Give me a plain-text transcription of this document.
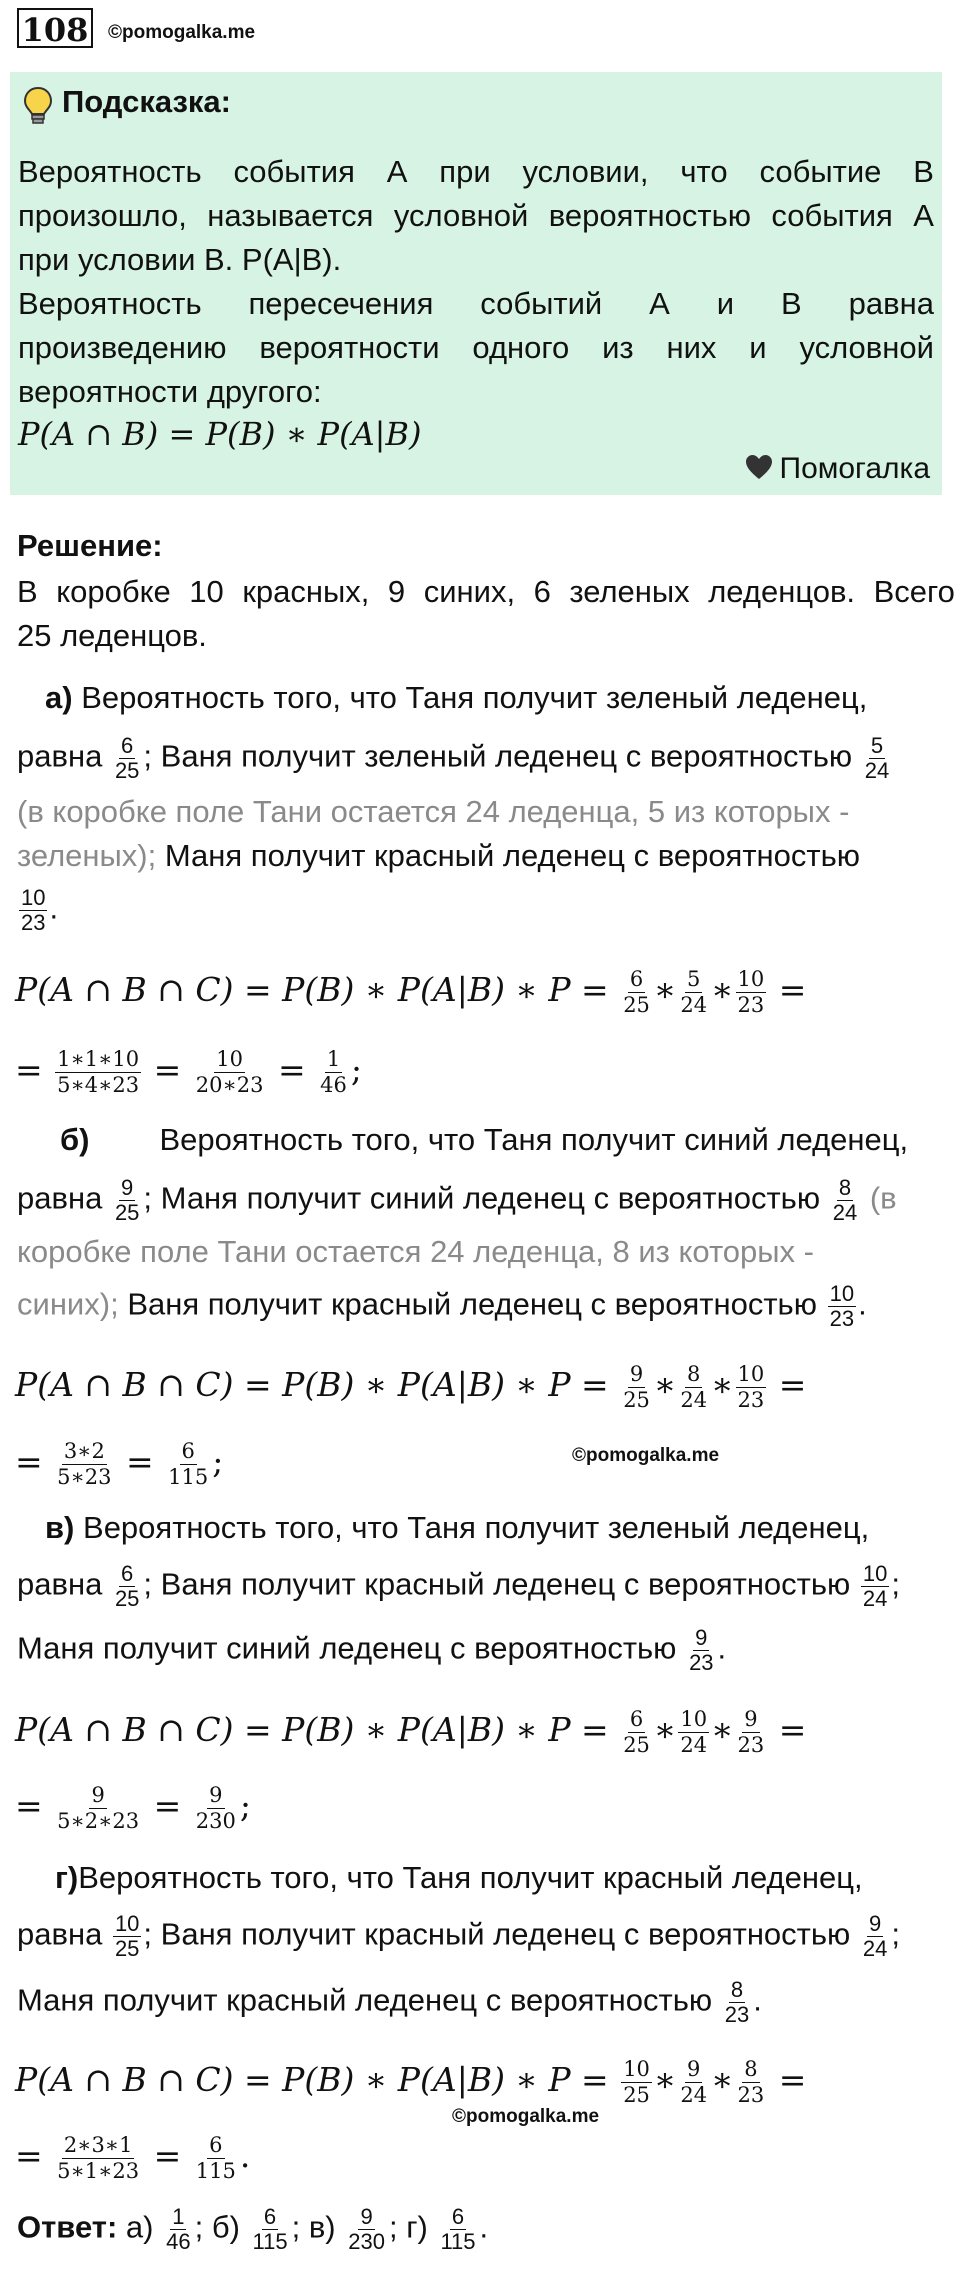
108 ©pomogalka.me
Подсказка:
Вероятность события А при условии, что событие В
произошло, называется условной вероятностью события А
при условии В. Р(А|В).
Вероятность пересечения событий А и В равна
произведению вероятности одного из них и условной
вероятности другого:
P(A ∩ B) = P(B) ∗ P(A|B)
Помогалка
Решение:
В коробке 10 красных, 9 синих, 6 зеленых леденцов. Всего
25 леденцов.
а) Вероятность того, что Таня получит зеленый леденец,
равна $\frac{6}{25}$ ; Ваня получит зеленый леденец с вероятностью $\frac{5}{24}$
(в коробке поле Тани остается 24 леденца, 5 из которых -
зеленых); Маня получит красный леденец с вероятностью
$\frac{10}{23}$ .
P(A ∩ B ∩ C) = P(B) ∗ P(A|B) ∗ $P = \frac{6}{25}$ ∗ $\frac{5}{24}$ ∗ $\frac{10}{23}$ =
= $\frac{1∗1∗10}{5∗4∗23} = \frac{10}{20∗23} = \frac{1}{46}$ ;
б) Вероятность того, что Таня получит синий леденец,
равна $\frac{9}{25}$ ; Маня получит синий леденец с вероятностью $\frac{8}{24} (в$
коробке поле Тани остается 24 леденца, 8 из которых -
синих); Ваня получит красный леденец с вероятностью $\frac{10}{23}$ .
P(A ∩ B ∩ C) = P(B) ∗ P(A|B) ∗ $P = \frac{9}{25}$ ∗ $\frac{8}{24}$ ∗ $\frac{10}{23}$ =
= $\frac{3∗2}{5∗23} = \frac{6}{115}$ ;	©pomogalka.me
в) Вероятность того, что Таня получит зеленый леденец,
равна $\frac{6}{25}$ ; Ваня получит красный леденец с вероятностью $\frac{10}{24}$ ;
Маня получит синий леденец с вероятностью $\frac{9}{23}$ .
P(A ∩ B ∩ C) = P(B) ∗ P(A|B) ∗ $P = \frac{6}{25}$ ∗ $\frac{10}{24}$ ∗ $\frac{9}{23}$ =
= $\frac{9}{5∗2∗23} = \frac{9}{230}$ ;
г)Вероятность того, что Таня получит красный леденец,
равна $\frac{10}{25}$ ; Ваня получит красный леденец с вероятностью $\frac{9}{24}$ ;
Маня получит красный леденец с вероятностью $\frac{8}{23}$ .
P(A ∩ B ∩ C) = P(B) ∗ P(A|B) ∗ $P = \frac{10}{25}$ ∗ $\frac{9}{24}$ ∗ $\frac{8}{23}$ =
©pomogalka.me
= $\frac{2∗3∗1}{5∗1∗23} = \frac{6}{115}$ .
Ответ: $а) \frac{1}{46}$ ; $б) \frac{6}{115}$ ; $в) \frac{9}{230}$ ; $г) \frac{6}{115}$ .
